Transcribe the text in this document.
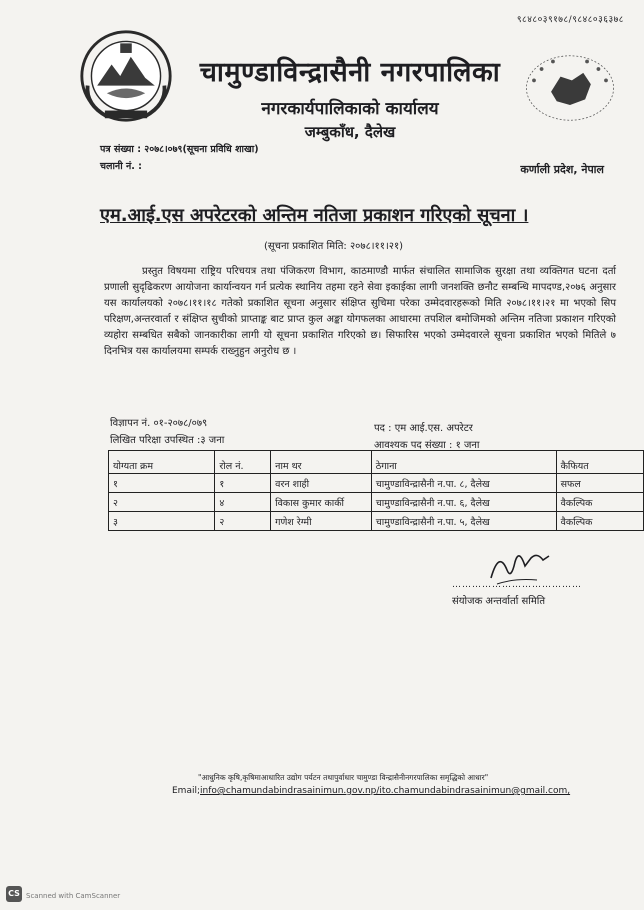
९८४८०३९१७८/९८४८०३६३७८
चामुण्डाविन्द्रासैनी नगरपालिका
नगरकार्यपालिकाको कार्यालय
जम्बुकाँध, दैलेख
पत्र संख्या : २०७८।०७९(सूचना प्रविधि शाखा)
चलानी नं. :	कर्णाली प्रदेश, नेपाल
एम.आई.एस अपरेटरको अन्तिम नतिजा प्रकाशन गरिएको सूचना ।
(सूचना प्रकाशित मिति: २०७८।११।२१)
प्रस्तुत विषयमा राष्ट्रिय परिचयत्र तथा पंजिकरण विभाग, काठमाण्डौ मार्फत संचालित सामाजिक सुरक्षा तथा व्यक्तिगत घटना दर्ता प्रणाली सुदृढिकरण आयोजना कार्यान्वयन गर्न प्रत्येक स्थानिय तहमा रहने सेवा इकाईका लागी जनशक्ति छनौट सम्बन्धि मापदण्ड,२०७६ अनुसार यस कार्यालयको २०७८।११।१८ गतेको प्रकाशित सूचना अनुसार संक्षिप्त सुचिमा परेका उम्मेदवारहरूको मिति २०७८।११।२१ मा भएको सिप परिक्षण,अन्तरवार्ता र संक्षिप्त सुचीको प्राप्ताङ्क बाट प्राप्त कुल अङ्का योगफलका आधारमा तपशिल बमोजिमको अन्तिम नतिजा प्रकाशन गरिएको व्यहोरा सम्बधित सबैको जानकारीका लागी यो सूचना प्रकाशित गरिएको छ। सिफारिस भएको उम्मेदवारले सूचना प्रकाशित भएको मितिले ७ दिनभित्र यस कार्यालयमा सम्पर्क राख्नुहुन अनुरोध छ ।
विज्ञापन नं. ०१-२०७८/०७९
लिखित परिक्षा उपस्थित :३ जना
पद : एम आई.एस. अपरेटर
आवश्यक पद संख्या : १ जना
योग्यता क्रम	रोल नं.	नाम थर	ठेगाना	कैफियत
१	१	वरन शाही	चामुण्डाविन्द्रासैनी न.पा. ८, दैलेख	सफल
२	४	विकास कुमार कार्की	चामुण्डाविन्द्रासैनी न.पा. ६, दैलेख	वैकल्पिक
३	२	गणेश रेग्मी	चामुण्डाविन्द्रासैनी न.पा. ५, दैलेख	वैकल्पिक
…………………………………
संयोजक अन्तर्वार्ता समिति
"आधुनिक कृषि,कृषिमाआधारित उद्योग पर्यटन तथापुर्वाधार चामुण्डा विन्द्रासैनीनगरपालिका समृद्धिको आधार"
Email;info@chamundabindrasainimun.gov.np/ito.chamundabindrasainimun@gmail.com,
CS Scanned with CamScanner
